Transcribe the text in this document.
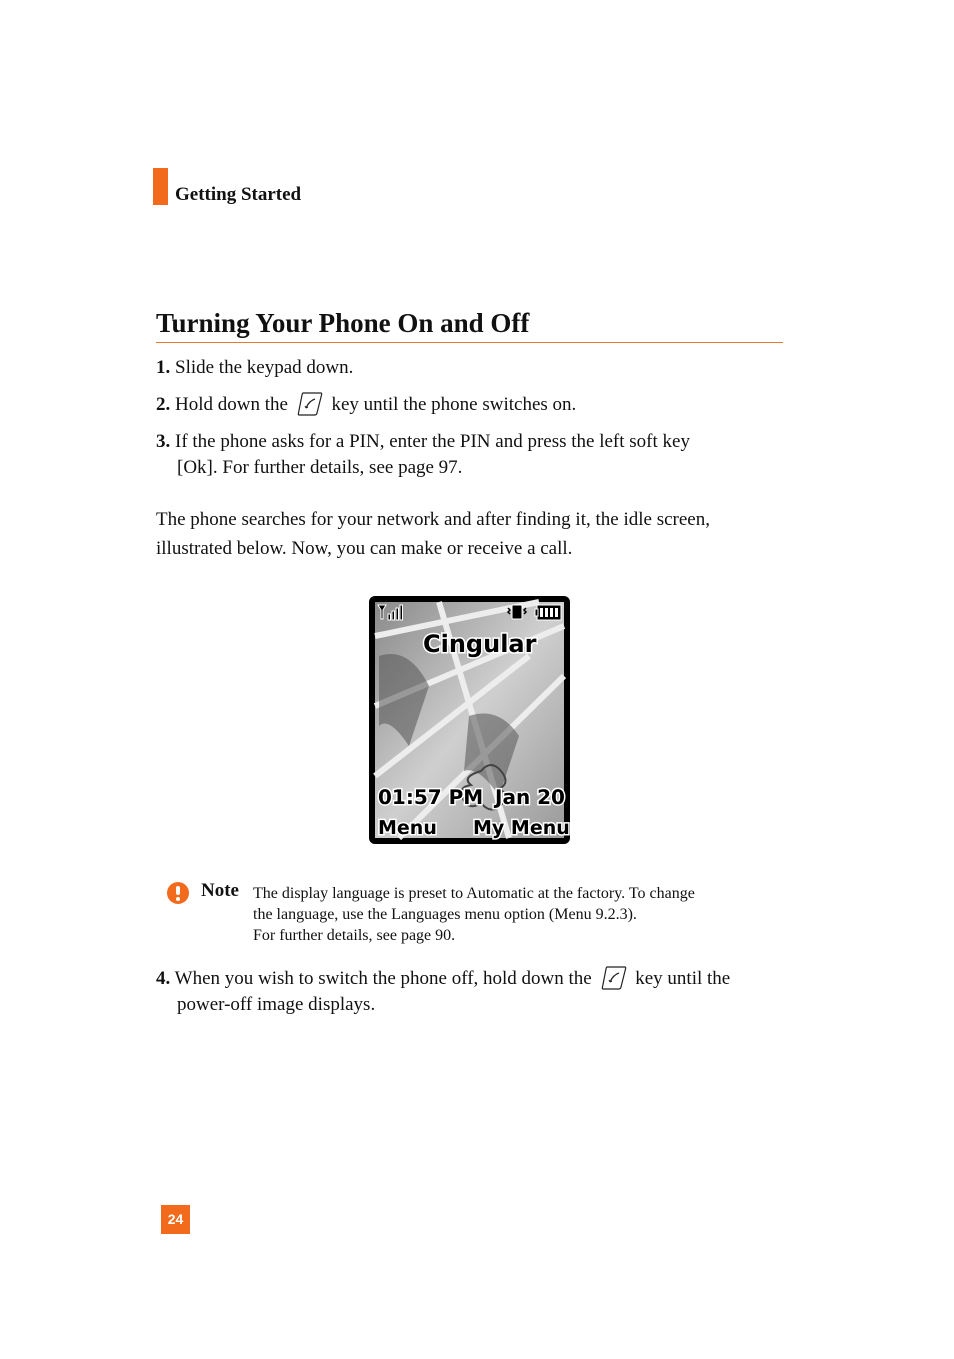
Getting Started
Turning Your Phone On and Off
1. Slide the keypad down.
2. Hold down the key until the phone switches on.
3. If the phone asks for a PIN, enter the PIN and press the left soft key
[Ok]. For further details, see page 97.
The phone searches for your network and after finding it, the idle screen,
illustrated below. Now, you can make or receive a call.
Cingular
01:57 PM Jan 20
Menu My Menu
Note The display language is preset to Automatic at the factory. To change
the language, use the Languages menu option (Menu 9.2.3).
For further details, see page 90.
4. When you wish to switch the phone off, hold down the key until the
power-off image displays.
24
